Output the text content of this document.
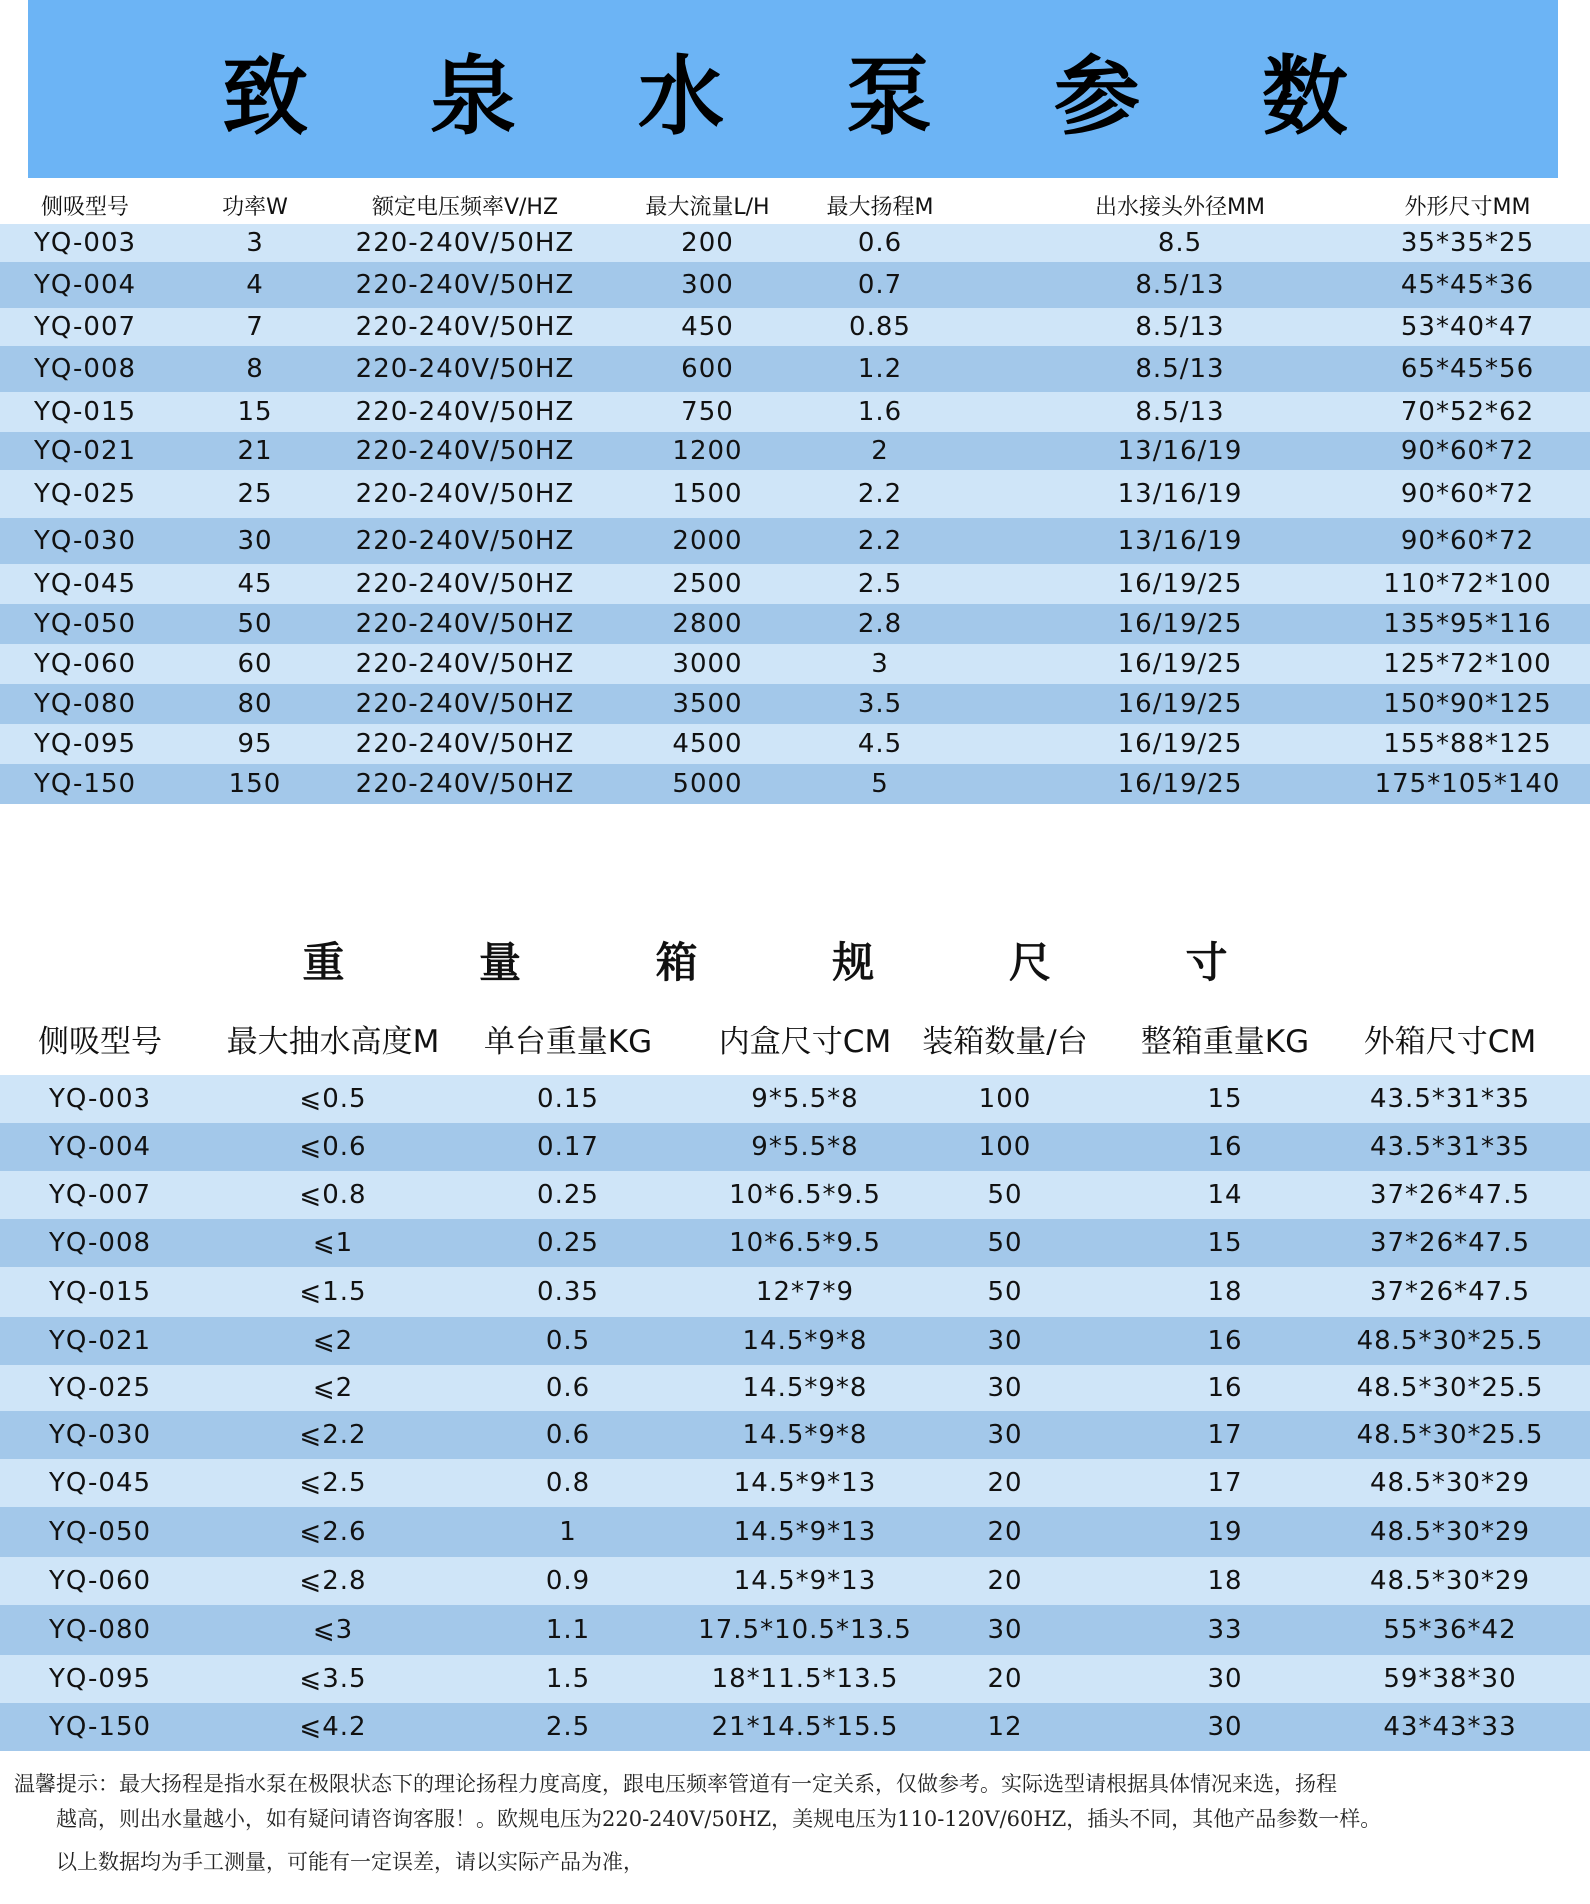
致 泉 水 泵 参 数
侧吸型号	功率W	额定电压频率V/HZ	最大流量L/H	最大扬程M	出水接头外径MM	外形尺寸MM
YQ-003	3	220-240V/50HZ	200	0.6	8.5	35*35*25
YQ-004	4	220-240V/50HZ	300	0.7	8.5/13	45*45*36
YQ-007	7	220-240V/50HZ	450	0.85	8.5/13	53*40*47
YQ-008	8	220-240V/50HZ	600	1.2	8.5/13	65*45*56
YQ-015	15	220-240V/50HZ	750	1.6	8.5/13	70*52*62
YQ-021	21	220-240V/50HZ	1200	2	13/16/19	90*60*72
YQ-025	25	220-240V/50HZ	1500	2.2	13/16/19	90*60*72
YQ-030	30	220-240V/50HZ	2000	2.2	13/16/19	90*60*72
YQ-045	45	220-240V/50HZ	2500	2.5	16/19/25	110*72*100
YQ-050	50	220-240V/50HZ	2800	2.8	16/19/25	135*95*116
YQ-060	60	220-240V/50HZ	3000	3	16/19/25	125*72*100
YQ-080	80	220-240V/50HZ	3500	3.5	16/19/25	150*90*125
YQ-095	95	220-240V/50HZ	4500	4.5	16/19/25	155*88*125
YQ-150	150	220-240V/50HZ	5000	5	16/19/25	175*105*140
重 量 箱 规 尺 寸
侧吸型号	最大抽水高度M 单台重量KG 内盒尺寸CM 装箱数量/台 整箱重量KG 外箱尺寸CM
YQ-003	⩽0.5	0.15	9*5.5*8	100	15	43.5*31*35
YQ-004	⩽0.6	0.17	9*5.5*8	100	16	43.5*31*35
YQ-007	⩽0.8	0.25	10*6.5*9.5	50	14	37*26*47.5
YQ-008	⩽1	0.25	10*6.5*9.5	50	15	37*26*47.5
YQ-015	⩽1.5	0.35	12*7*9	50	18	37*26*47.5
YQ-021	⩽2	0.5	14.5*9*8	30	16	48.5*30*25.5
YQ-025	⩽2	0.6	14.5*9*8	30	16	48.5*30*25.5
YQ-030	⩽2.2	0.6	14.5*9*8	30	17	48.5*30*25.5
YQ-045	⩽2.5	0.8	14.5*9*13	20	17	48.5*30*29
YQ-050	⩽2.6	1	14.5*9*13	20	19	48.5*30*29
YQ-060	⩽2.8	0.9	14.5*9*13	20	18	48.5*30*29
YQ-080	⩽3	1.1	17.5*10.5*13.5	30	33	55*36*42
YQ-095	⩽3.5	1.5	18*11.5*13.5	20	30	59*38*30
YQ-150	⩽4.2	2.5	21*14.5*15.5	12	30	43*43*33
温馨提示：最大扬程是指水泵在极限状态下的理论扬程力度高度，跟电压频率管道有一定关系，仅做参考。实际选型请根据具体情况来选，扬程
越高，则出水量越小，如有疑问请咨询客服！。欧规电压为220-240V/50HZ，美规电压为110-120V/60HZ，插头不同，其他产品参数一样。
以上数据均为手工测量，可能有一定误差，请以实际产品为准，
